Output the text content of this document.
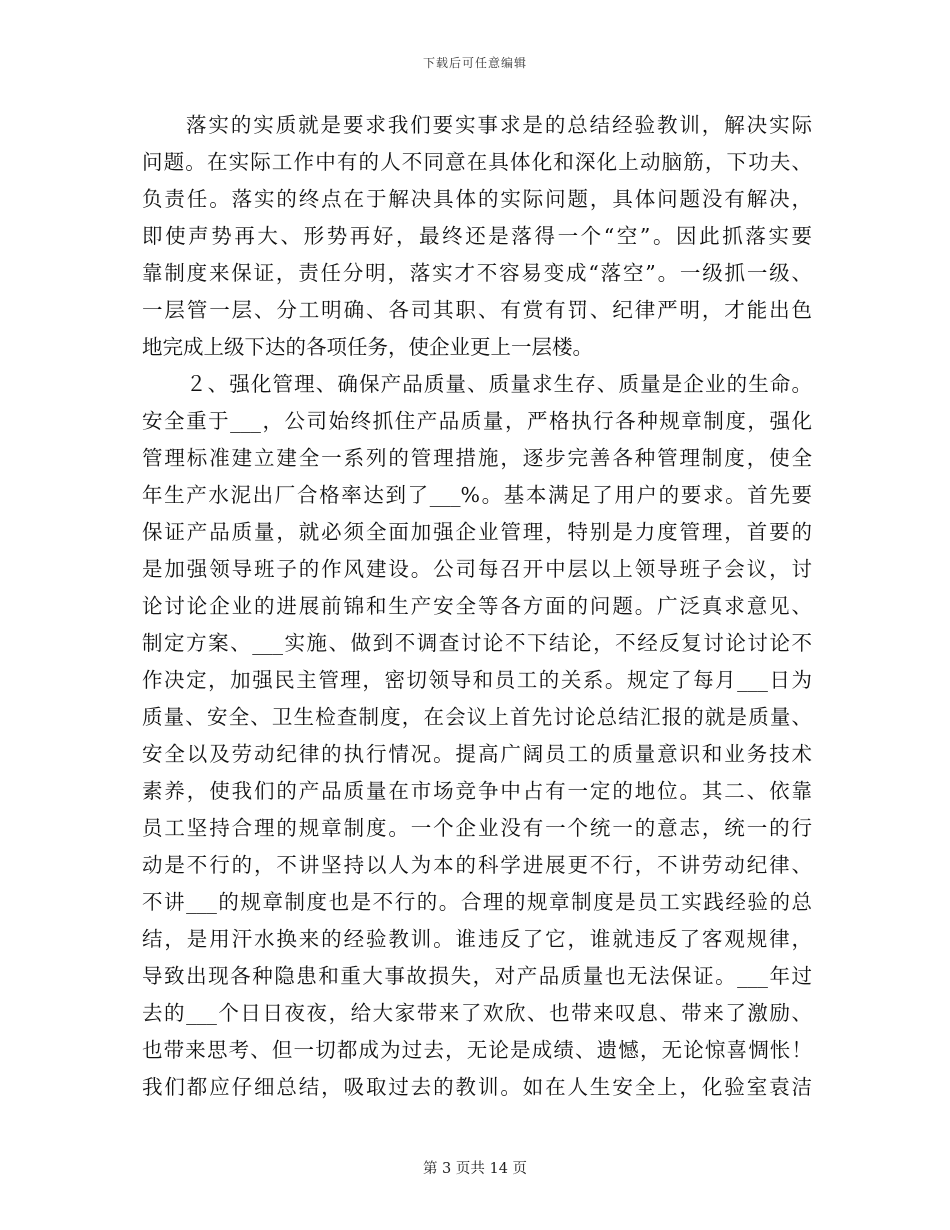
下载后可任意编辑
落实的实质就是要求我们要实事求是的总结经验教训，解决实际
问题。在实际工作中有的人不同意在具体化和深化上动脑筋，下功夫、
负责任。落实的终点在于解决具体的实际问题，具体问题没有解决，
即使声势再大、形势再好，最终还是落得一个“空”。因此抓落实要
靠制度来保证，责任分明，落实才不容易变成“落空”。一级抓一级、
一层管一层、分工明确、各司其职、有赏有罚、纪律严明，才能出色
地完成上级下达的各项任务，使企业更上一层楼。
２、强化管理、确保产品质量、质量求生存、质量是企业的生命。
安全重于___，公司始终抓住产品质量，严格执行各种规章制度，强化
管理标准建立建全一系列的管理措施，逐步完善各种管理制度，使全
年生产水泥出厂合格率达到了___%。基本满足了用户的要求。首先要
保证产品质量，就必须全面加强企业管理，特别是力度管理，首要的
是加强领导班子的作风建设。公司每召开中层以上领导班子会议，讨
论讨论企业的进展前锦和生产安全等各方面的问题。广泛真求意见、
制定方案、___实施、做到不调查讨论不下结论，不经反复讨论讨论不
作决定，加强民主管理，密切领导和员工的关系。规定了每月___日为
质量、安全、卫生检查制度，在会议上首先讨论总结汇报的就是质量、
安全以及劳动纪律的执行情况。提高广阔员工的质量意识和业务技术
素养，使我们的产品质量在市场竞争中占有一定的地位。其二、依靠
员工坚持合理的规章制度。一个企业没有一个统一的意志，统一的行
动是不行的，不讲坚持以人为本的科学进展更不行，不讲劳动纪律、
不讲___的规章制度也是不行的。合理的规章制度是员工实践经验的总
结，是用汗水换来的经验教训。谁违反了它，谁就违反了客观规律，
导致出现各种隐患和重大事故损失，对产品质量也无法保证。___年过
去的___个日日夜夜，给大家带来了欢欣、也带来叹息、带来了激励、
也带来思考、但一切都成为过去，无论是成绩、遗憾，无论惊喜惆怅！
我们都应仔细总结，吸取过去的教训。如在人生安全上，化验室袁洁
第 3 页共 14 页
